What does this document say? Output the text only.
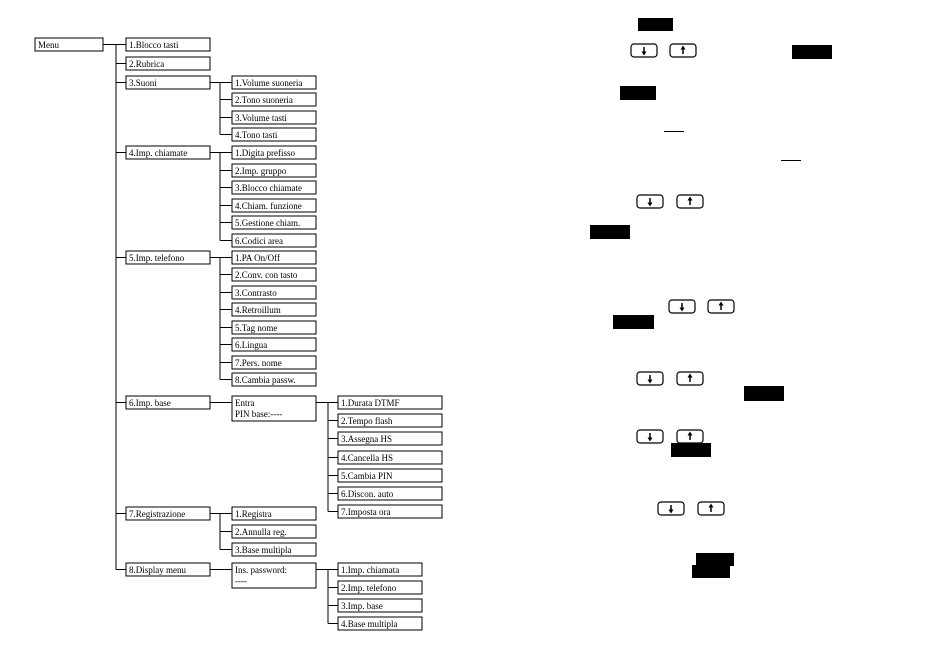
Menu	1.Blocco tasti
2.Rubrica
3.Suoni
4.Imp. chiamate
5.Imp. telefono
6.Imp. base
7.Registrazione
8.Display menu
1.Volume suoneria
2.Tono suoneria
3.Volume tasti
4.Tono tasti
1.Digita prefisso
2.Imp. gruppo
3.Blocco chiamate
4.Chiam. funzione
5.Gestione chiam.
6.Codici area
1.PA On/Off
2.Conv. con tasto
3.Contrasto
4.Retroillum
5.Tag nome
6.Lingua
7.Pers. nome
8.Cambia passw.
Entra
PIN base:----
1.Durata DTMF
2.Tempo flash
3.Assegna HS
4.Cancella HS
5.Cambia PIN
6.Discon. auto
7.Imposta ora
1.Registra
2.Annulla reg.
3.Base multipla
Ins. password:
----
1.Imp. chiamata
2.Imp. telefono
3.Imp. base
4.Base multipla
